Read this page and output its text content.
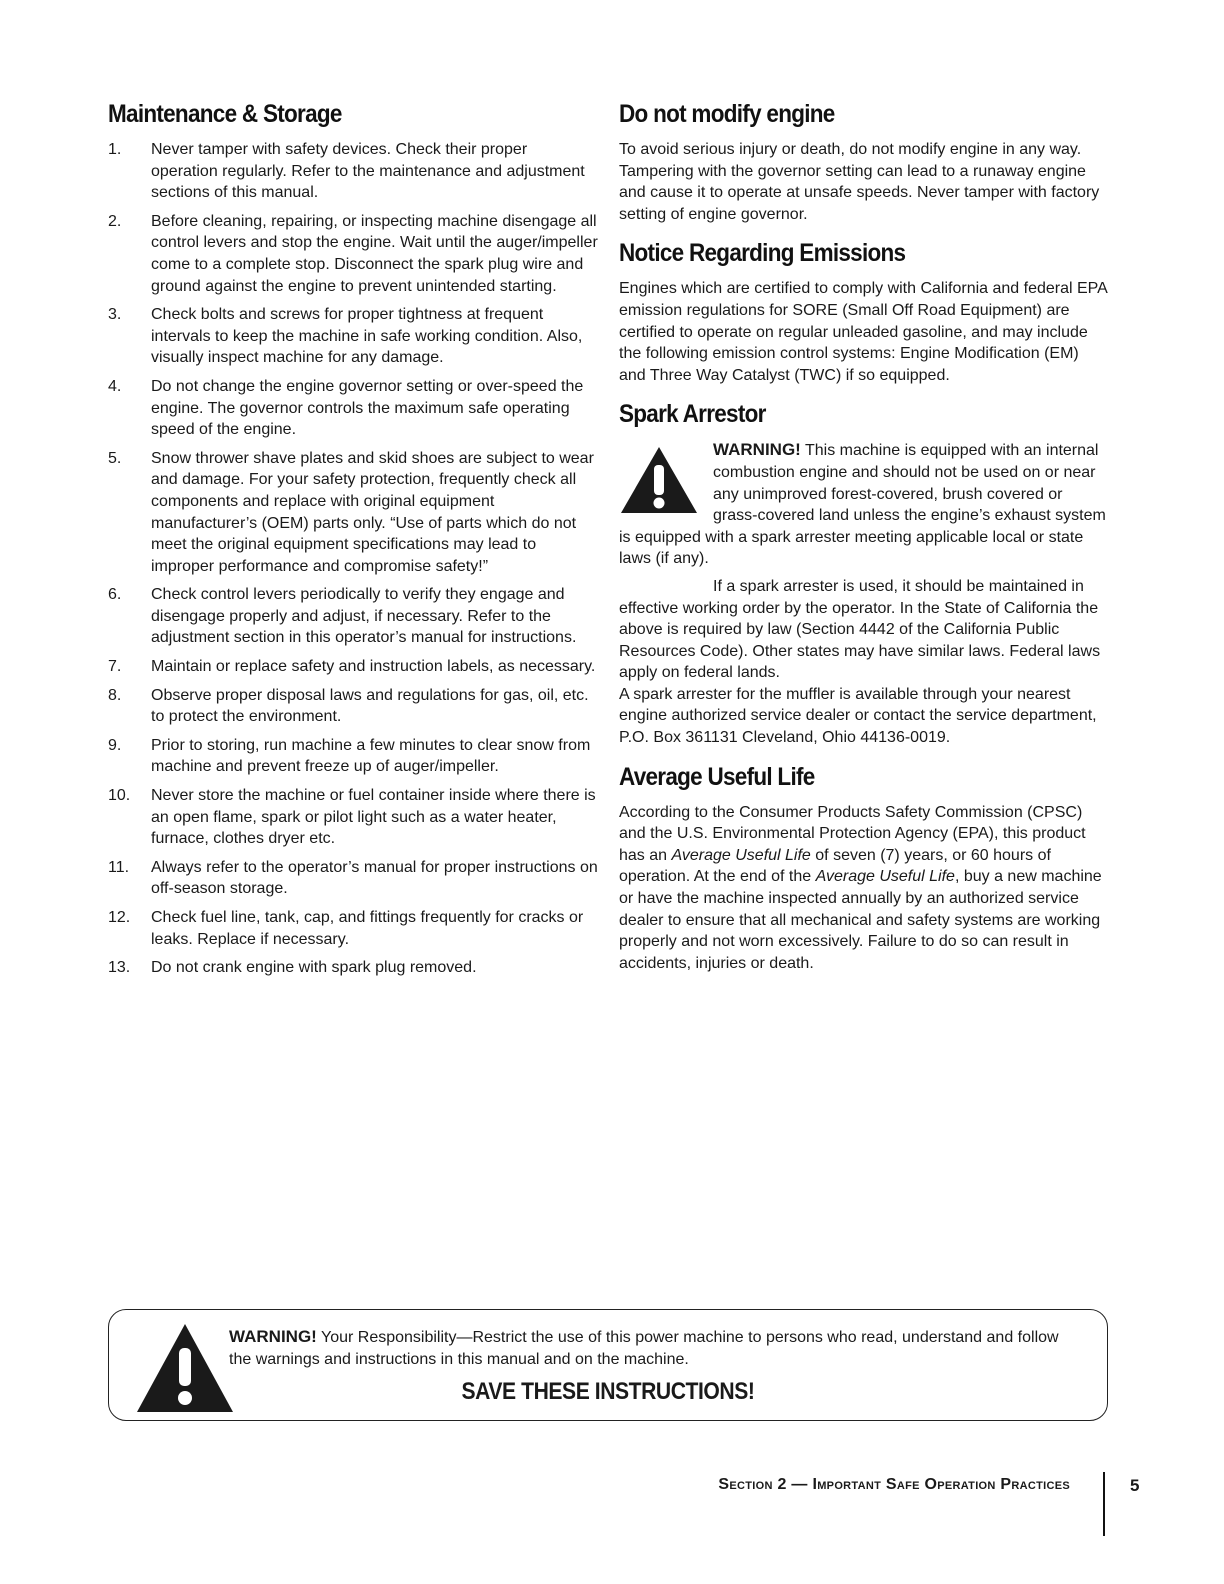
Maintenance & Storage
1. Never tamper with safety devices. Check their proper operation regularly. Refer to the maintenance and adjustment sections of this manual.
2. Before cleaning, repairing, or inspecting machine disengage all control levers and stop the engine. Wait until the auger/impeller come to a complete stop. Disconnect the spark plug wire and ground against the engine to prevent unintended starting.
3. Check bolts and screws for proper tightness at frequent intervals to keep the machine in safe working condition. Also, visually inspect machine for any damage.
4. Do not change the engine governor setting or over-speed the engine. The governor controls the maximum safe operating speed of the engine.
5. Snow thrower shave plates and skid shoes are subject to wear and damage. For your safety protection, frequently check all components and replace with original equipment manufacturer’s (OEM) parts only. “Use of parts which do not meet the original equipment specifications may lead to improper performance and compromise safety!”
6. Check control levers periodically to verify they engage and disengage properly and adjust, if necessary. Refer to the adjustment section in this operator’s manual for instructions.
7. Maintain or replace safety and instruction labels, as necessary.
8. Observe proper disposal laws and regulations for gas, oil, etc. to protect the environment.
9. Prior to storing, run machine a few minutes to clear snow from machine and prevent freeze up of auger/impeller.
10. Never store the machine or fuel container inside where there is an open flame, spark or pilot light such as a water heater, furnace, clothes dryer etc.
11. Always refer to the operator’s manual for proper instructions on off-season storage.
12. Check fuel line, tank, cap, and fittings frequently for cracks or leaks. Replace if necessary.
13. Do not crank engine with spark plug removed.
Do not modify engine

To avoid serious injury or death, do not modify engine in any way. Tampering with the governor setting can lead to a runaway engine and cause it to operate at unsafe speeds. Never tamper with factory setting of engine governor.

Notice Regarding Emissions

Engines which are certified to comply with California and federal EPA emission regulations for SORE (Small Off Road Equipment) are certified to operate on regular unleaded gasoline, and may include the following emission control systems: Engine Modification (EM) and Three Way Catalyst (TWC) if so equipped.

Spark Arrestor

WARNING! This machine is equipped with an internal combustion engine and should not be used on or near any unimproved forest-covered, brush covered or grass-covered land unless the engine’s exhaust system is equipped with a spark arrester meeting applicable local or state laws (if any).

If a spark arrester is used, it should be maintained in effective working order by the operator. In the State of California the above is required by law (Section 4442 of the California Public Resources Code). Other states may have similar laws. Federal laws apply on federal lands.

A spark arrester for the muffler is available through your nearest engine authorized service dealer or contact the service department, P.O. Box 361131 Cleveland, Ohio 44136-0019.

Average Useful Life

According to the Consumer Products Safety Commission (CPSC) and the U.S. Environmental Protection Agency (EPA), this product has an Average Useful Life of seven (7) years, or 60 hours of operation. At the end of the Average Useful Life, buy a new machine or have the machine inspected annually by an authorized service dealer to ensure that all mechanical and safety systems are working properly and not worn excessively. Failure to do so can result in accidents, injuries or death.

WARNING! Your Responsibility—Restrict the use of this power machine to persons who read, understand and follow the warnings and instructions in this manual and on the machine.

SAVE THESE INSTRUCTIONS!
Section 2 — Important Safe Operation Practices	5
